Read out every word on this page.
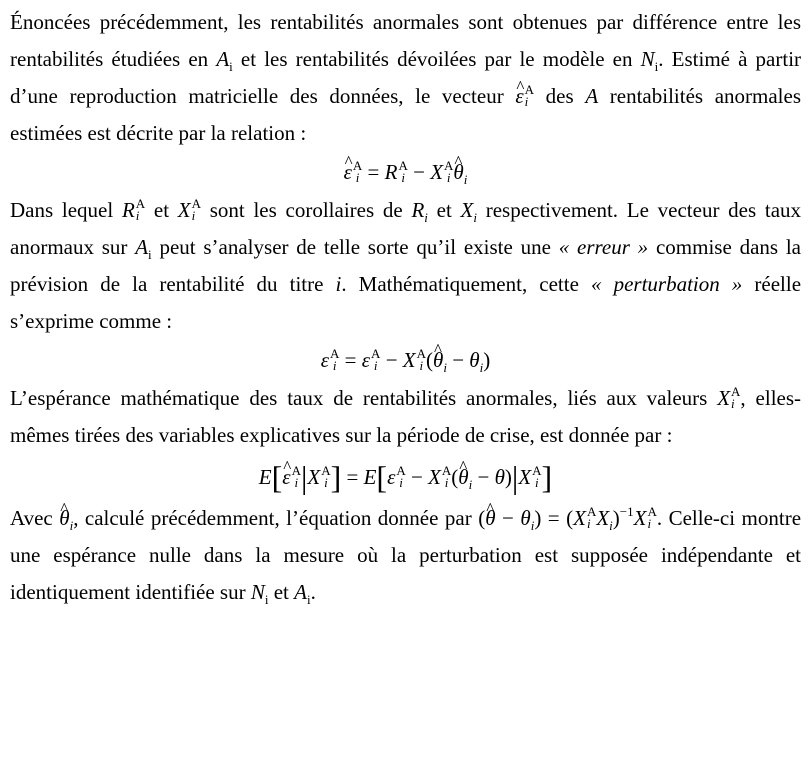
Énoncées précédemment, les rentabilités anormales sont obtenues par différence entre les rentabilités étudiées en $A_i$ et les rentabilités dévoilées par le modèle en $N_i$. Estimé à partir d’une reproduction matricielle des données, le vecteur ^ ε A
i des A rentabilités anormales estimées est décrite par la relation :

^ ε A
i = R A
i − X A
i ^ $\theta_i$

Dans lequel R A
i et X A
i sont les corollaires de $R_i$ et $X_i$ respectivement. Le vecteur des taux anormaux sur $A_i$ peut s’analyser de telle sorte qu’il existe une « erreur » commise dans la prévision de la rentabilité du titre i. Mathématiquement, cette « perturbation » réelle s’exprime comme :

ε A
i = ε A
i − X A
i (^ $\theta_i - \theta_i$)

L’espérance mathématique des taux de rentabilités anormales, liés aux valeurs X A
i , elles-mêmes tirées des variables explicatives sur la période de crise, est donnée par :

E[^ ε A
i |X A
i ] = E[ε A
i − X A
i (^ $\theta_i - \theta)|X$ A
i ]

Avec ^ $\theta_i$, calculé précédemment, l’équation donnée par (^ $\theta - \theta_i) = (X$ A
i $X_i)^{-1}X$ A
i . Celle-ci montre une espérance nulle dans la mesure où la perturbation est supposée indépendante et identiquement identifiée sur $N_i$ et $A_i$.
